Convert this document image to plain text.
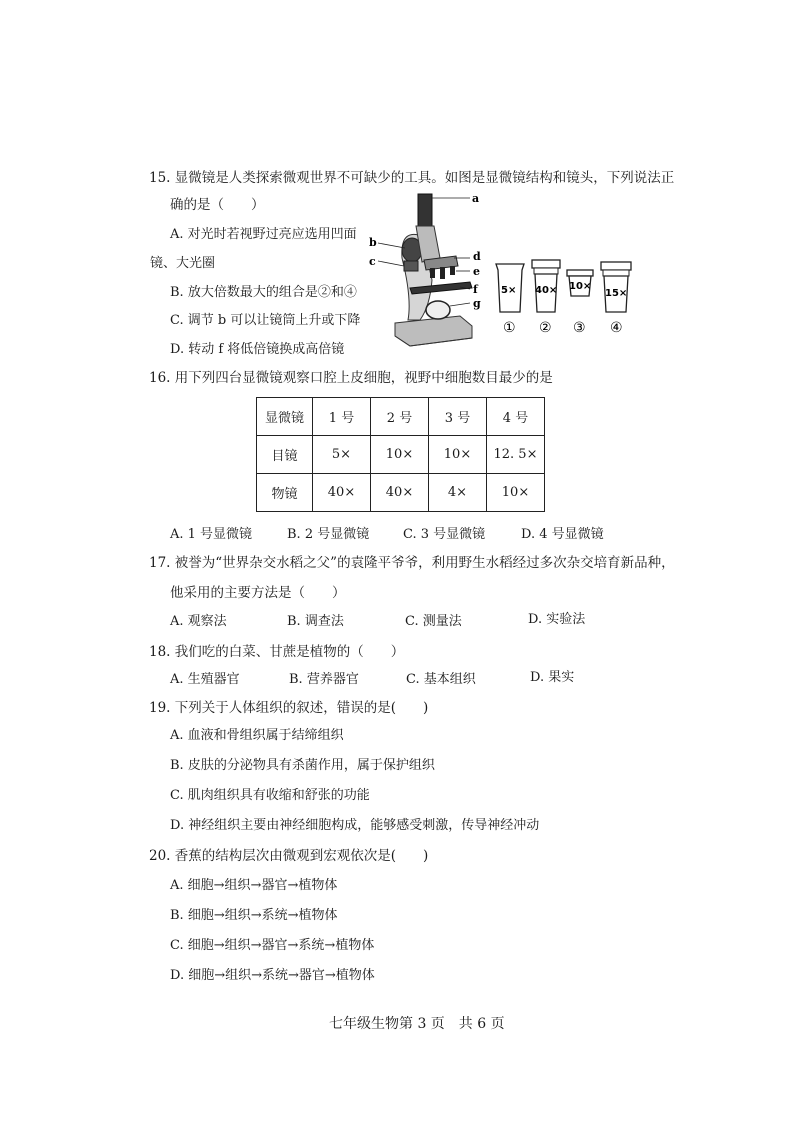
15. 显微镜是人类探索微观世界不可缺少的工具。如图是显微镜结构和镜头，下列说法正
确的是（　　）
A. 对光时若视野过亮应选用凹面
镜、大光圈
B. 放大倍数最大的组合是②和④
C. 调节 b 可以让镜筒上升或下降
D. 转动 f 将低倍镜换成高倍镜
a
b
c	d
e
f
g
5×
①
40×
②
10×
③
15×
④
16. 用下列四台显微镜观察口腔上皮细胞，视野中细胞数目最少的是
显微镜	1 号	2 号	3 号	4 号
目镜	5×	10×	10×	12. 5×
物镜	40×	40×	4×	10×
A. 1 号显微镜	B. 2 号显微镜	C. 3 号显微镜	D. 4 号显微镜
17. 被誉为“世界杂交水稻之父”的袁隆平爷爷，利用野生水稻经过多次杂交培育新品种，
他采用的主要方法是（　　）
A. 观察法	B. 调查法	C. 测量法	D. 实验法
18. 我们吃的白菜、甘蔗是植物的（　　）
A. 生殖器官	B. 营养器官	C. 基本组织	D. 果实
19. 下列关于人体组织的叙述，错误的是(　　)
A. 血液和骨组织属于结缔组织
B. 皮肤的分泌物具有杀菌作用，属于保护组织
C. 肌肉组织具有收缩和舒张的功能
D. 神经组织主要由神经细胞构成，能够感受刺激，传导神经冲动
20. 香蕉的结构层次由微观到宏观依次是(　　)
A. 细胞→组织→器官→植物体
B. 细胞→组织→系统→植物体
C. 细胞→组织→器官→系统→植物体
D. 细胞→组织→系统→器官→植物体
七年级生物第 3 页　共 6 页
